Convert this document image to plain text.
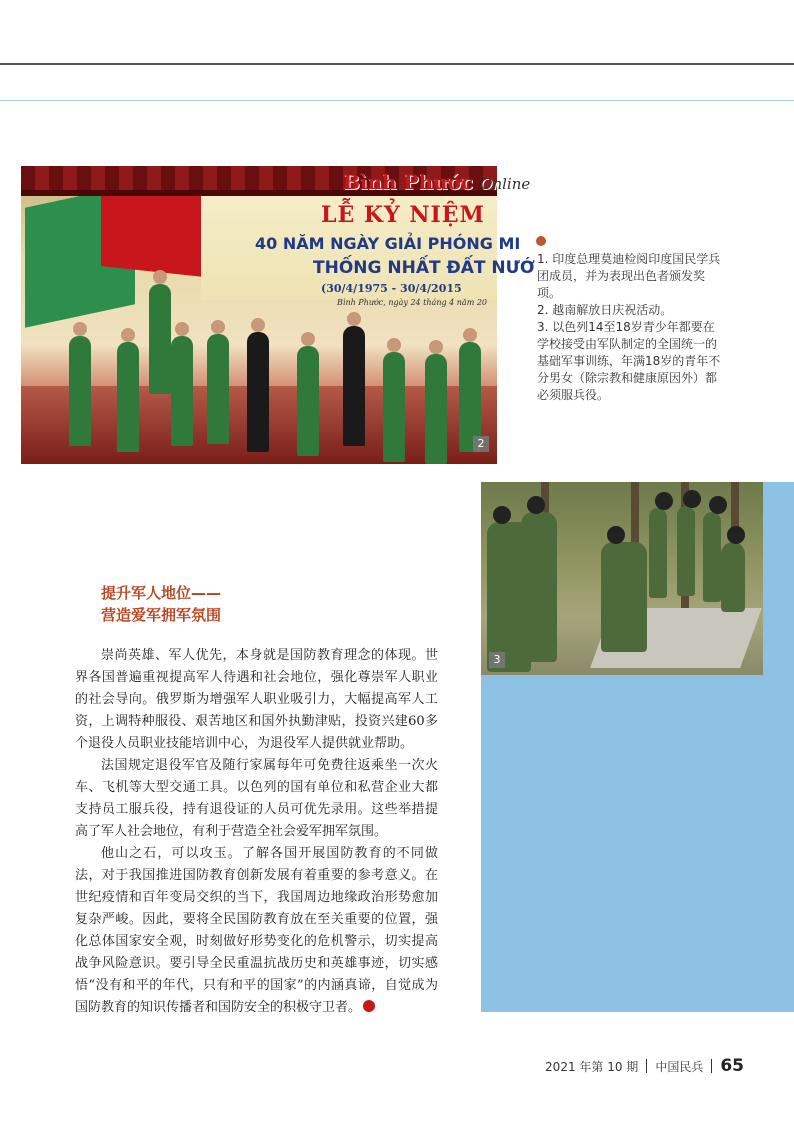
Bình Phước Online
LỄ KỶ NIỆM
40 NĂM NGÀY GIẢI PHÓNG MI
THỐNG NHẤT ĐẤT NƯỚ
(30/4/1975 - 30/4/2015
Bình Phước, ngày 24 tháng 4 năm 20
2

1. 印度总理莫迪检阅印度国民学兵团成员，并为表现出色者颁发奖项。

2. 越南解放日庆祝活动。

3. 以色列14至18岁青少年都要在学校接受由军队制定的全国统一的基础军事训练，年满18岁的青年不分男女（除宗教和健康原因外）都必须服兵役。

3
提升军人地位——
营造爱军拥军氛围

崇尚英雄、军人优先，本身就是国防教育理念的体现。世界各国普遍重视提高军人待遇和社会地位，强化尊崇军人职业的社会导向。俄罗斯为增强军人职业吸引力，大幅提高军人工资，上调特种服役、艰苦地区和国外执勤津贴，投资兴建60多个退役人员职业技能培训中心，为退役军人提供就业帮助。

法国规定退役军官及随行家属每年可免费往返乘坐一次火车、飞机等大型交通工具。以色列的国有单位和私营企业大都支持员工服兵役，持有退役证的人员可优先录用。这些举措提高了军人社会地位，有利于营造全社会爱军拥军氛围。

他山之石，可以攻玉。了解各国开展国防教育的不同做法，对于我国推进国防教育创新发展有着重要的参考意义。在世纪疫情和百年变局交织的当下，我国周边地缘政治形势愈加复杂严峻。因此，要将全民国防教育放在至关重要的位置，强化总体国家安全观，时刻做好形势变化的危机警示，切实提高战争风险意识。要引导全民重温抗战历史和英雄事迹，切实感悟“没有和平的年代，只有和平的国家”的内涵真谛，自觉成为国防教育的知识传播者和国防安全的积极守卫者。

2021 年第 10 期 中国民兵 65
